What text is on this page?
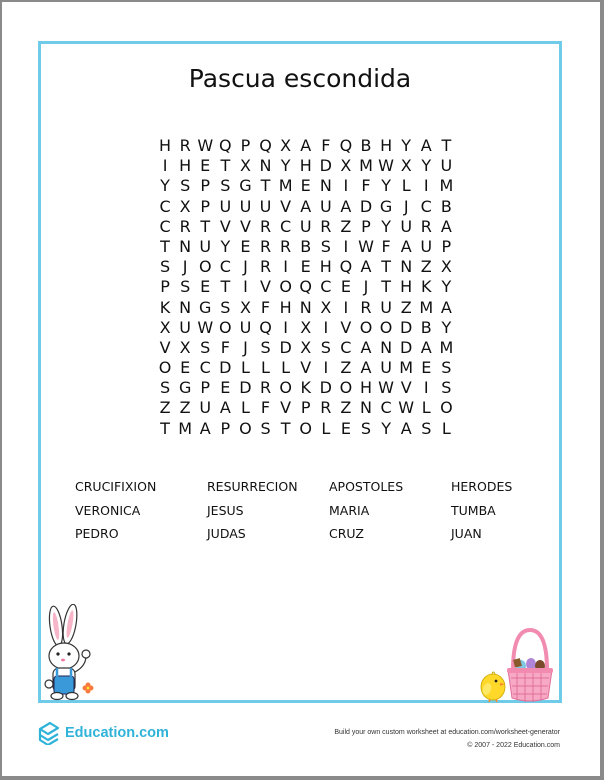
Pascua escondida
H R W Q P Q X A F Q B H Y A T
I H E T X N Y H D X M W X Y U
Y S P S G T M E N I F Y L I M
C X P U U U V A U A D G J C B
C R T V V R C U R Z P Y U R A
T N U Y E R R B S I W F A U P
S J O C J R I E H Q A T N Z X
P S E T I V O Q C E J T H K Y
K N G S X F H N X I R U Z M A
X U W O U Q I X I V O O D B Y
V X S F J S D X S C A N D A M
O E C D L L L V I Z A U M E S
S G P E D R O K D O H W V I S
Z Z U A L F V P R Z N C W L O
T M A P O S T O L E S Y A S L
CRUCIFIXION	RESURRECION	APOSTOLES	HERODES
VERONICA	JESUS	MARIA	TUMBA
PEDRO	JUDAS	CRUZ	JUAN
Education.com	Build your own custom worksheet at education.com/worksheet-generator
© 2007 - 2022 Education.com
